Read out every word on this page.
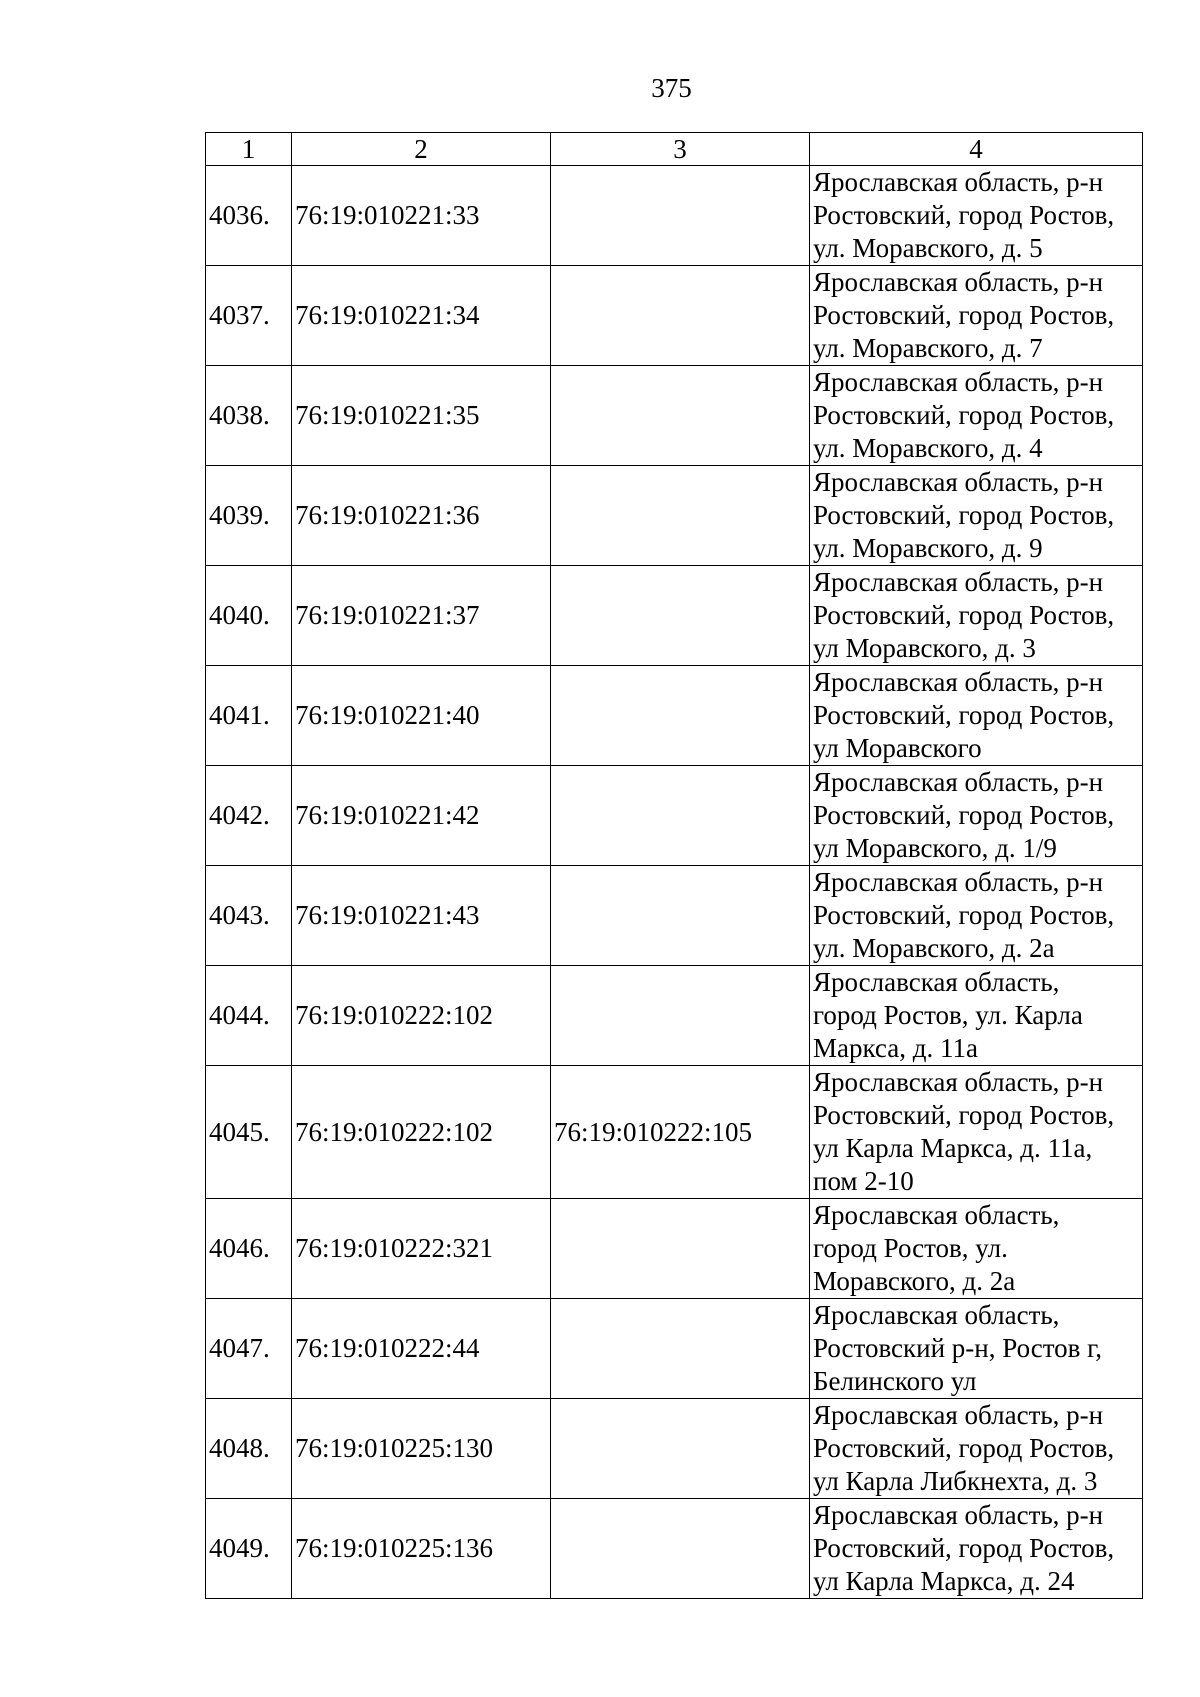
375
1	2	3	4
4036.	76:19:010221:33		Ярославская область, р-н
Ростовский, город Ростов,
ул. Моравского, д. 5
4037.	76:19:010221:34		Ярославская область, р-н
Ростовский, город Ростов,
ул. Моравского, д. 7
4038.	76:19:010221:35		Ярославская область, р-н
Ростовский, город Ростов,
ул. Моравского, д. 4
4039.	76:19:010221:36		Ярославская область, р-н
Ростовский, город Ростов,
ул. Моравского, д. 9
4040.	76:19:010221:37		Ярославская область, р-н
Ростовский, город Ростов,
ул Моравского, д. 3
4041.	76:19:010221:40		Ярославская область, р-н
Ростовский, город Ростов,
ул Моравского
4042.	76:19:010221:42		Ярославская область, р-н
Ростовский, город Ростов,
ул Моравского, д. 1/9
4043.	76:19:010221:43		Ярославская область, р-н
Ростовский, город Ростов,
ул. Моравского, д. 2а
4044.	76:19:010222:102		Ярославская область,
город Ростов, ул. Карла
Маркса, д. 11а
4045.	76:19:010222:102	76:19:010222:105	Ярославская область, р-н
Ростовский, город Ростов,
ул Карла Маркса, д. 11а,
пом 2-10
4046.	76:19:010222:321		Ярославская область,
город Ростов, ул.
Моравского, д. 2а
4047.	76:19:010222:44		Ярославская область,
Ростовский р-н, Ростов г,
Белинского ул
4048.	76:19:010225:130		Ярославская область, р-н
Ростовский, город Ростов,
ул Карла Либкнехта, д. 3
4049.	76:19:010225:136		Ярославская область, р-н
Ростовский, город Ростов,
ул Карла Маркса, д. 24
